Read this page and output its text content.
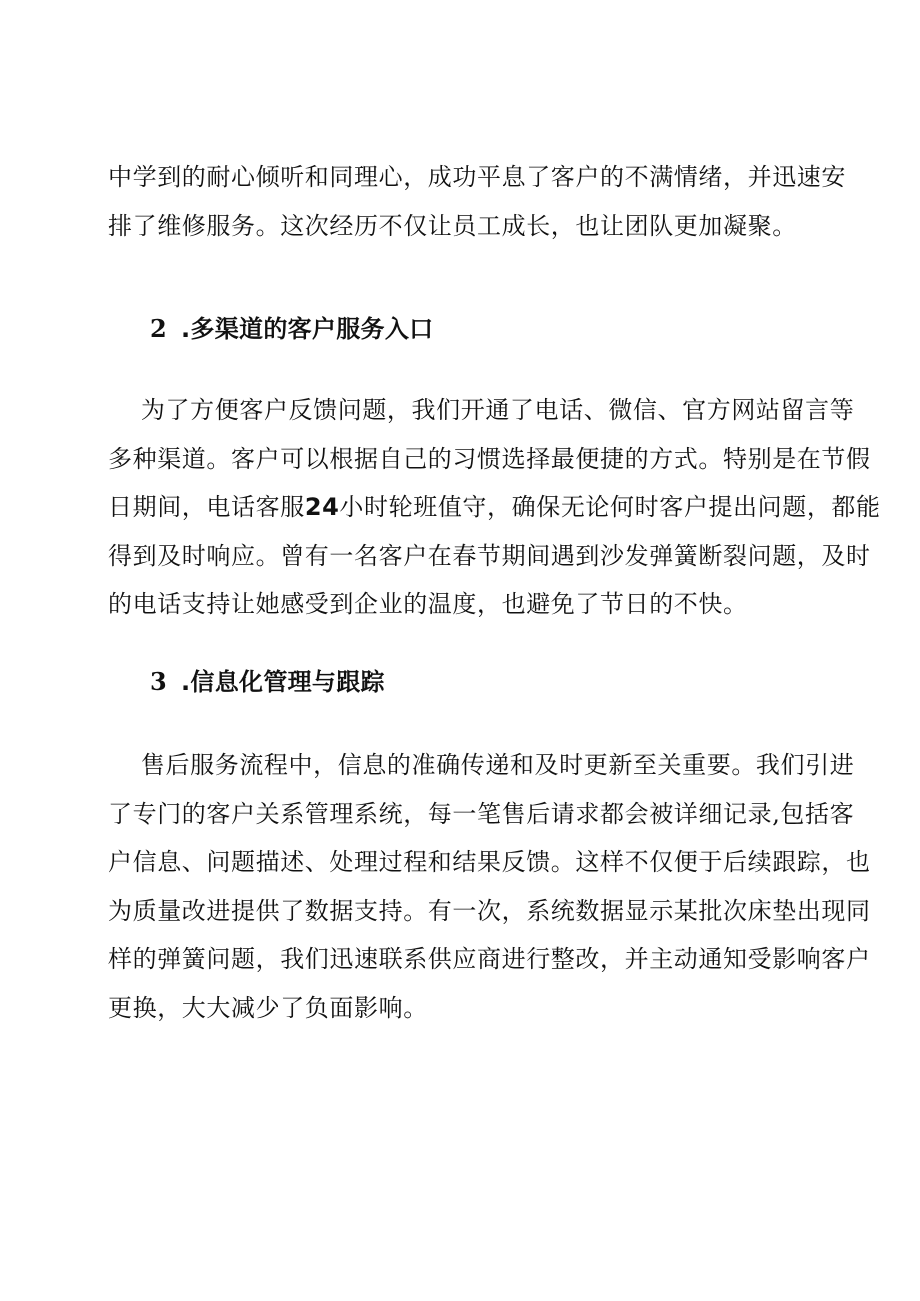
中学到的耐心倾听和同理心，成功平息了客户的不满情绪，并迅速安
排了维修服务。这次经历不仅让员工成长，也让团队更加凝聚。

2 .多渠道的客户服务入口

为了方便客户反馈问题，我们开通了电话、微信、官方网站留言等
多种渠道。客户可以根据自己的习惯选择最便捷的方式。特别是在节假
日期间，电话客服24小时轮班值守，确保无论何时客户提出问题，都能
得到及时响应。曾有一名客户在春节期间遇到沙发弹簧断裂问题，及时
的电话支持让她感受到企业的温度，也避免了节日的不快。

3 .信息化管理与跟踪

售后服务流程中，信息的准确传递和及时更新至关重要。我们引进
了专门的客户关系管理系统，每一笔售后请求都会被详细记录,包括客
户信息、问题描述、处理过程和结果反馈。这样不仅便于后续跟踪，也
为质量改进提供了数据支持。有一次，系统数据显示某批次床垫出现同
样的弹簧问题，我们迅速联系供应商进行整改，并主动通知受影响客户
更换，大大减少了负面影响。
